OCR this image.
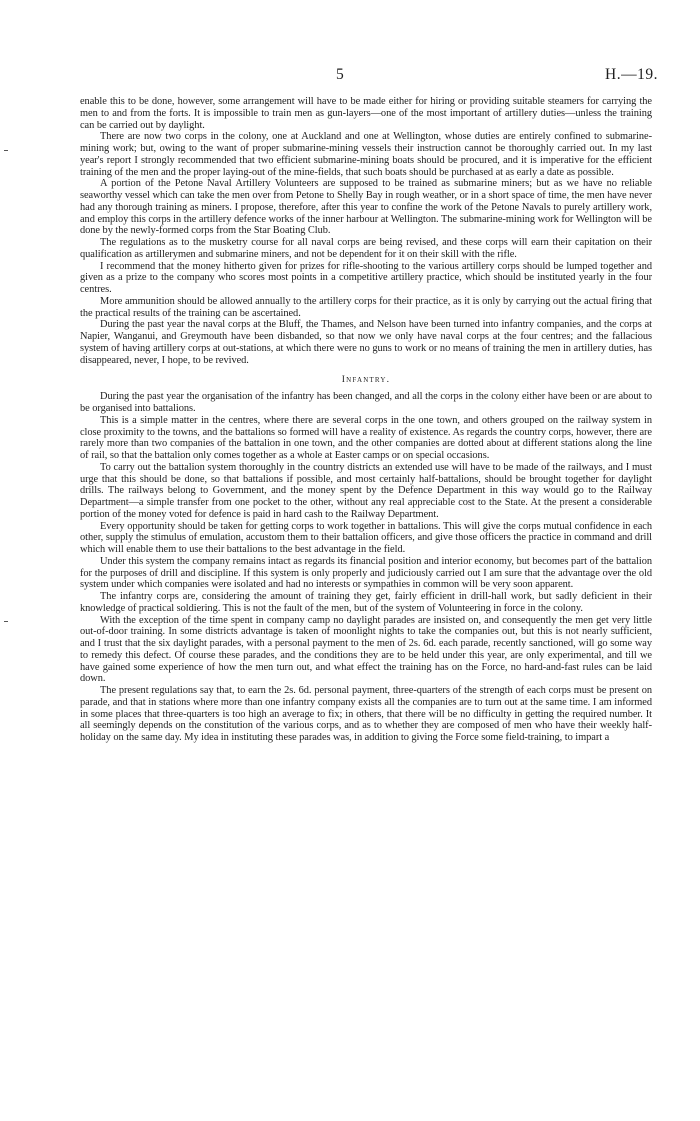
5	H.—19.

enable this to be done, however, some arrangement will have to be made either for hiring or providing suitable steamers for carrying the men to and from the forts. It is impossible to train men as gun-layers—one of the most important of artillery duties—unless the training can be carried out by daylight.

There are now two corps in the colony, one at Auckland and one at Wellington, whose duties are entirely confined to submarine-mining work; but, owing to the want of proper submarine-mining vessels their instruction cannot be thoroughly carried out. In my last year's report I strongly recommended that two efficient submarine-mining boats should be procured, and it is imperative for the efficient training of the men and the proper laying-out of the mine-fields, that such boats should be purchased at as early a date as possible.

A portion of the Petone Naval Artillery Volunteers are supposed to be trained as submarine miners; but as we have no reliable seaworthy vessel which can take the men over from Petone to Shelly Bay in rough weather, or in a short space of time, the men have never had any thorough training as miners. I propose, therefore, after this year to confine the work of the Petone Navals to purely artillery work, and employ this corps in the artillery defence works of the inner harbour at Wellington. The submarine-mining work for Wellington will be done by the newly-formed corps from the Star Boating Club.

The regulations as to the musketry course for all naval corps are being revised, and these corps will earn their capitation on their qualification as artillerymen and submarine miners, and not be dependent for it on their skill with the rifle.

I recommend that the money hitherto given for prizes for rifle-shooting to the various artillery corps should be lumped together and given as a prize to the company who scores most points in a competitive artillery practice, which should be instituted yearly in the four centres.

More ammunition should be allowed annually to the artillery corps for their practice, as it is only by carrying out the actual firing that the practical results of the training can be ascertained.

During the past year the naval corps at the Bluff, the Thames, and Nelson have been turned into infantry companies, and the corps at Napier, Wanganui, and Greymouth have been disbanded, so that now we only have naval corps at the four centres; and the fallacious system of having artillery corps at out-stations, at which there were no guns to work or no means of training the men in artillery duties, has disappeared, never, I hope, to be revived.

Infantry.

During the past year the organisation of the infantry has been changed, and all the corps in the colony either have been or are about to be organised into battalions.

This is a simple matter in the centres, where there are several corps in the one town, and others grouped on the railway system in close proximity to the towns, and the battalions so formed will have a reality of existence. As regards the country corps, however, there are rarely more than two companies of the battalion in one town, and the other companies are dotted about at different stations along the line of rail, so that the battalion only comes together as a whole at Easter camps or on special occasions.

To carry out the battalion system thoroughly in the country districts an extended use will have to be made of the railways, and I must urge that this should be done, so that battalions if possible, and most certainly half-battalions, should be brought together for daylight drills. The railways belong to Government, and the money spent by the Defence Department in this way would go to the Railway Department—a simple transfer from one pocket to the other, without any real appreciable cost to the State. At the present a considerable portion of the money voted for defence is paid in hard cash to the Railway Department.

Every opportunity should be taken for getting corps to work together in battalions. This will give the corps mutual confidence in each other, supply the stimulus of emulation, accustom them to their battalion officers, and give those officers the practice in command and drill which will enable them to use their battalions to the best advantage in the field.

Under this system the company remains intact as regards its financial position and interior economy, but becomes part of the battalion for the purposes of drill and discipline. If this system is only properly and judiciously carried out I am sure that the advantage over the old system under which companies were isolated and had no interests or sympathies in common will be very soon apparent.

The infantry corps are, considering the amount of training they get, fairly efficient in drill-hall work, but sadly deficient in their knowledge of practical soldiering. This is not the fault of the men, but of the system of Volunteering in force in the colony.

With the exception of the time spent in company camp no daylight parades are insisted on, and consequently the men get very little out-of-door training. In some districts advantage is taken of moonlight nights to take the companies out, but this is not nearly sufficient, and I trust that the six daylight parades, with a personal payment to the men of 2s. 6d. each parade, recently sanctioned, will go some way to remedy this defect. Of course these parades, and the conditions they are to be held under this year, are only experimental, and till we have gained some experience of how the men turn out, and what effect the training has on the Force, no hard-and-fast rules can be laid down.

The present regulations say that, to earn the 2s. 6d. personal payment, three-quarters of the strength of each corps must be present on parade, and that in stations where more than one infantry company exists all the companies are to turn out at the same time. I am informed in some places that three-quarters is too high an average to fix; in others, that there will be no difficulty in getting the required number. It all seemingly depends on the constitution of the various corps, and as to whether they are composed of men who have their weekly half-holiday on the same day. My idea in instituting these parades was, in addition to giving the Force some field-training, to impart a
